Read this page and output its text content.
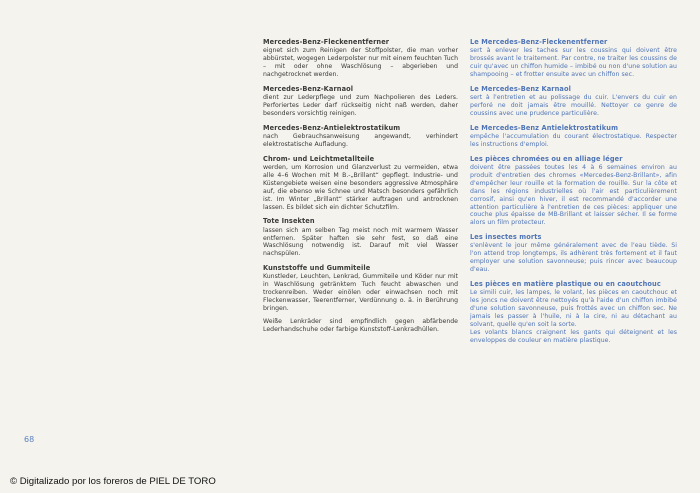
Mercedes-Benz-Fleckenentferner

eignet sich zum Reinigen der Stoffpolster, die man vorher abbürstet, wogegen Lederpolster nur mit einem feuchten Tuch – mit oder ohne Waschlösung – abgerieben und nachgetrocknet werden.

Mercedes-Benz-Karnaol

dient zur Lederpflege und zum Nachpolieren des Leders. Perforiertes Leder darf rückseitig nicht naß werden, daher besonders vorsichtig reinigen.

Mercedes-Benz-Antielektrostatikum

nach Gebrauchsanweisung angewandt, verhindert elektrostatische Aufladung.

Chrom- und Leichtmetallteile

werden, um Korrosion und Glanzverlust zu vermeiden, etwa alle 4–6 Wochen mit M B.-„Brillant“ gepflegt. Industrie- und Küstengebiete weisen eine besonders aggressive Atmosphäre auf, die ebenso wie Schnee und Matsch besonders gefährlich ist. Im Winter „Brillant“ stärker auftragen und antrocknen lassen. Es bildet sich ein dichter Schutzfilm.

Tote Insekten

lassen sich am selben Tag meist noch mit warmem Wasser entfernen. Später haften sie sehr fest, so daß eine Waschlösung notwendig ist. Darauf mit viel Wasser nachspülen.

Kunststoffe und Gummiteile

Kunstleder, Leuchten, Lenkrad, Gummiteile und Köder nur mit in Waschlösung getränktem Tuch feucht abwaschen und trockenreiben. Weder einölen oder einwachsen noch mit Fleckenwasser, Teerentferner, Verdünnung o. ä. in Berührung bringen.

Weiße Lenkräder sind empfindlich gegen abfärbende Lederhandschuhe oder farbige Kunststoff-Lenkradhüllen.

Le Mercedes-Benz-Fleckenentferner

sert à enlever les taches sur les coussins qui doivent être brossés avant le traitement. Par contre, ne traiter les coussins de cuir qu'avec un chiffon humide – imbibé ou non d'une solution au shampooing – et frotter ensuite avec un chiffon sec.

Le Mercedes-Benz Karnaol

sert à l'entretien et au polissage du cuir. L'envers du cuir en perforé ne doit jamais être mouillé. Nettoyer ce genre de coussins avec une prudence particulière.

Le Mercedes-Benz Antielektrostatikum

empêche l'accumulation du courant électrostatique. Respecter les instructions d'emploi.

Les pièces chromées ou en alliage léger

doivent être passées toutes les 4 à 6 semaines environ au produit d'entretien des chromes «Mercedes-Benz-Brillant», afin d'empêcher leur rouille et la formation de rouille. Sur la côte et dans les régions industrielles où l'air est particulièrement corrosif, ainsi qu'en hiver, il est recommandé d'accorder une attention particulière à l'entretien de ces pièces: appliquer une couche plus épaisse de MB-Brillant et laisser sécher. Il se forme alors un film protecteur.

Les insectes morts

s'enlèvent le jour même généralement avec de l'eau tiède. Si l'on attend trop longtemps, ils adhèrent très fortement et il faut employer une solution savonneuse; puis rincer avec beaucoup d'eau.

Les pièces en matière plastique ou en caoutchouc

Le simili cuir, les lampes, le volant, les pièces en caoutchouc et les joncs ne doivent être nettoyés qu'à l'aide d'un chiffon imbibé d'une solution savonneuse, puis frottés avec un chiffon sec. Ne jamais les passer à l'huile, ni à la cire, ni au détachant au solvant, quelle qu'en soit la sorte.

Les volants blancs craignent les gants qui déteignent et les enveloppes de couleur en matière plastique.

68
© Digitalizado por los foreros de PIEL DE TORO
